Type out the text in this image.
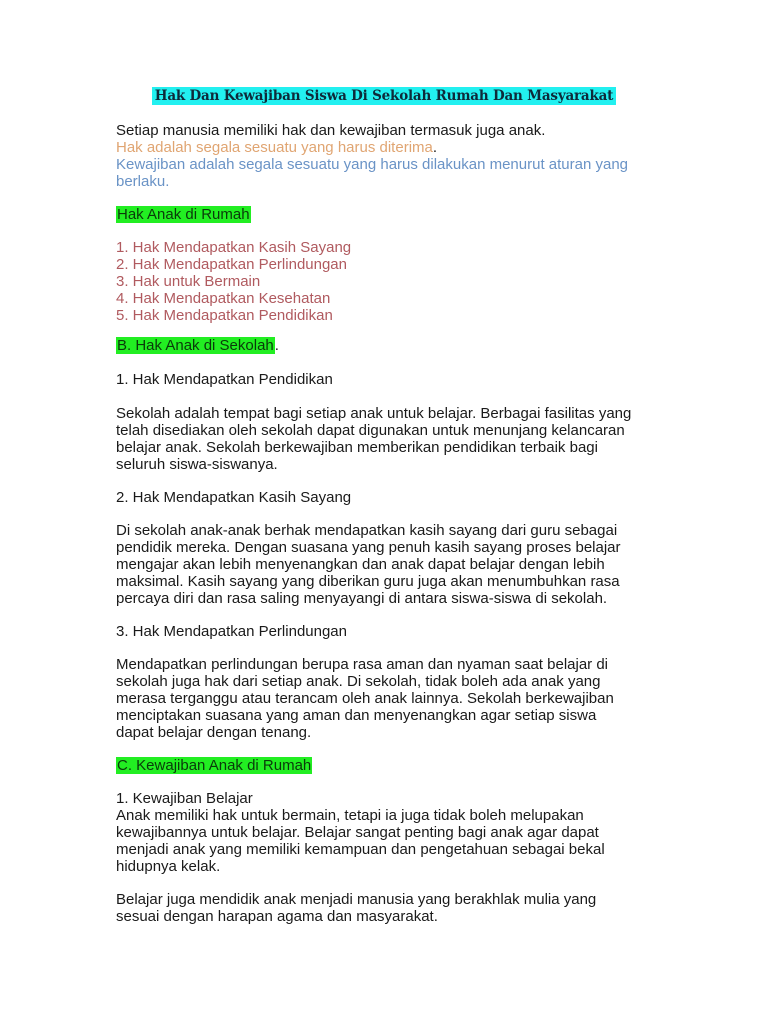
Hak Dan Kewajiban Siswa Di Sekolah Rumah Dan Masyarakat
Setiap manusia memiliki hak dan kewajiban termasuk juga anak.
Hak adalah segala sesuatu yang harus diterima.
Kewajiban adalah segala sesuatu yang harus dilakukan menurut aturan yang
berlaku.
Hak Anak di Rumah
1. Hak Mendapatkan Kasih Sayang
2. Hak Mendapatkan Perlindungan
3. Hak untuk Bermain
4. Hak Mendapatkan Kesehatan
5. Hak Mendapatkan Pendidikan
B. Hak Anak di Sekolah.
1. Hak Mendapatkan Pendidikan
Sekolah adalah tempat bagi setiap anak untuk belajar. Berbagai fasilitas yang
telah disediakan oleh sekolah dapat digunakan untuk menunjang kelancaran
belajar anak. Sekolah berkewajiban memberikan pendidikan terbaik bagi
seluruh siswa-siswanya.
2. Hak Mendapatkan Kasih Sayang
Di sekolah anak-anak berhak mendapatkan kasih sayang dari guru sebagai
pendidik mereka. Dengan suasana yang penuh kasih sayang proses belajar
mengajar akan lebih menyenangkan dan anak dapat belajar dengan lebih
maksimal. Kasih sayang yang diberikan guru juga akan menumbuhkan rasa
percaya diri dan rasa saling menyayangi di antara siswa-siswa di sekolah.
3. Hak Mendapatkan Perlindungan
Mendapatkan perlindungan berupa rasa aman dan nyaman saat belajar di
sekolah juga hak dari setiap anak. Di sekolah, tidak boleh ada anak yang
merasa terganggu atau terancam oleh anak lainnya. Sekolah berkewajiban
menciptakan suasana yang aman dan menyenangkan agar setiap siswa
dapat belajar dengan tenang.
C. Kewajiban Anak di Rumah
1. Kewajiban Belajar
Anak memiliki hak untuk bermain, tetapi ia juga tidak boleh melupakan
kewajibannya untuk belajar. Belajar sangat penting bagi anak agar dapat
menjadi anak yang memiliki kemampuan dan pengetahuan sebagai bekal
hidupnya kelak.
Belajar juga mendidik anak menjadi manusia yang berakhlak mulia yang
sesuai dengan harapan agama dan masyarakat.
